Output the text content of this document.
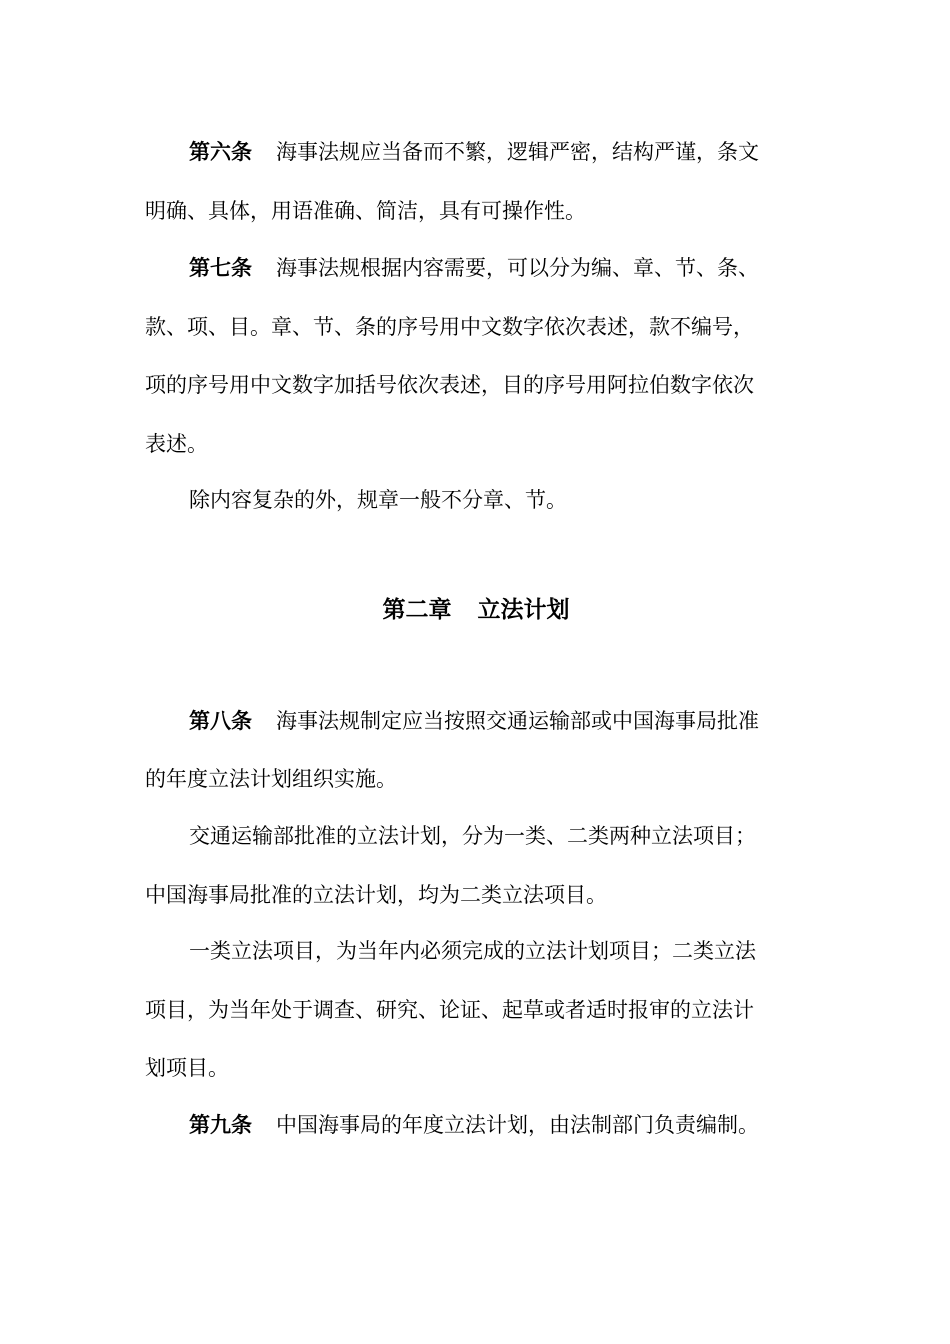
第六条 海事法规应当备而不繁，逻辑严密，结构严谨，条文
明确、具体，用语准确、简洁，具有可操作性。
第七条 海事法规根据内容需要，可以分为编、章、节、条、
款、项、目。章、节、条的序号用中文数字依次表述，款不编号，
项的序号用中文数字加括号依次表述，目的序号用阿拉伯数字依次
表述。
除内容复杂的外，规章一般不分章、节。
第二章 立法计划
第八条 海事法规制定应当按照交通运输部或中国海事局批准
的年度立法计划组织实施。
交通运输部批准的立法计划，分为一类、二类两种立法项目；
中国海事局批准的立法计划，均为二类立法项目。
一类立法项目，为当年内必须完成的立法计划项目；二类立法
项目，为当年处于调查、研究、论证、起草或者适时报审的立法计
划项目。
第九条 中国海事局的年度立法计划，由法制部门负责编制。
